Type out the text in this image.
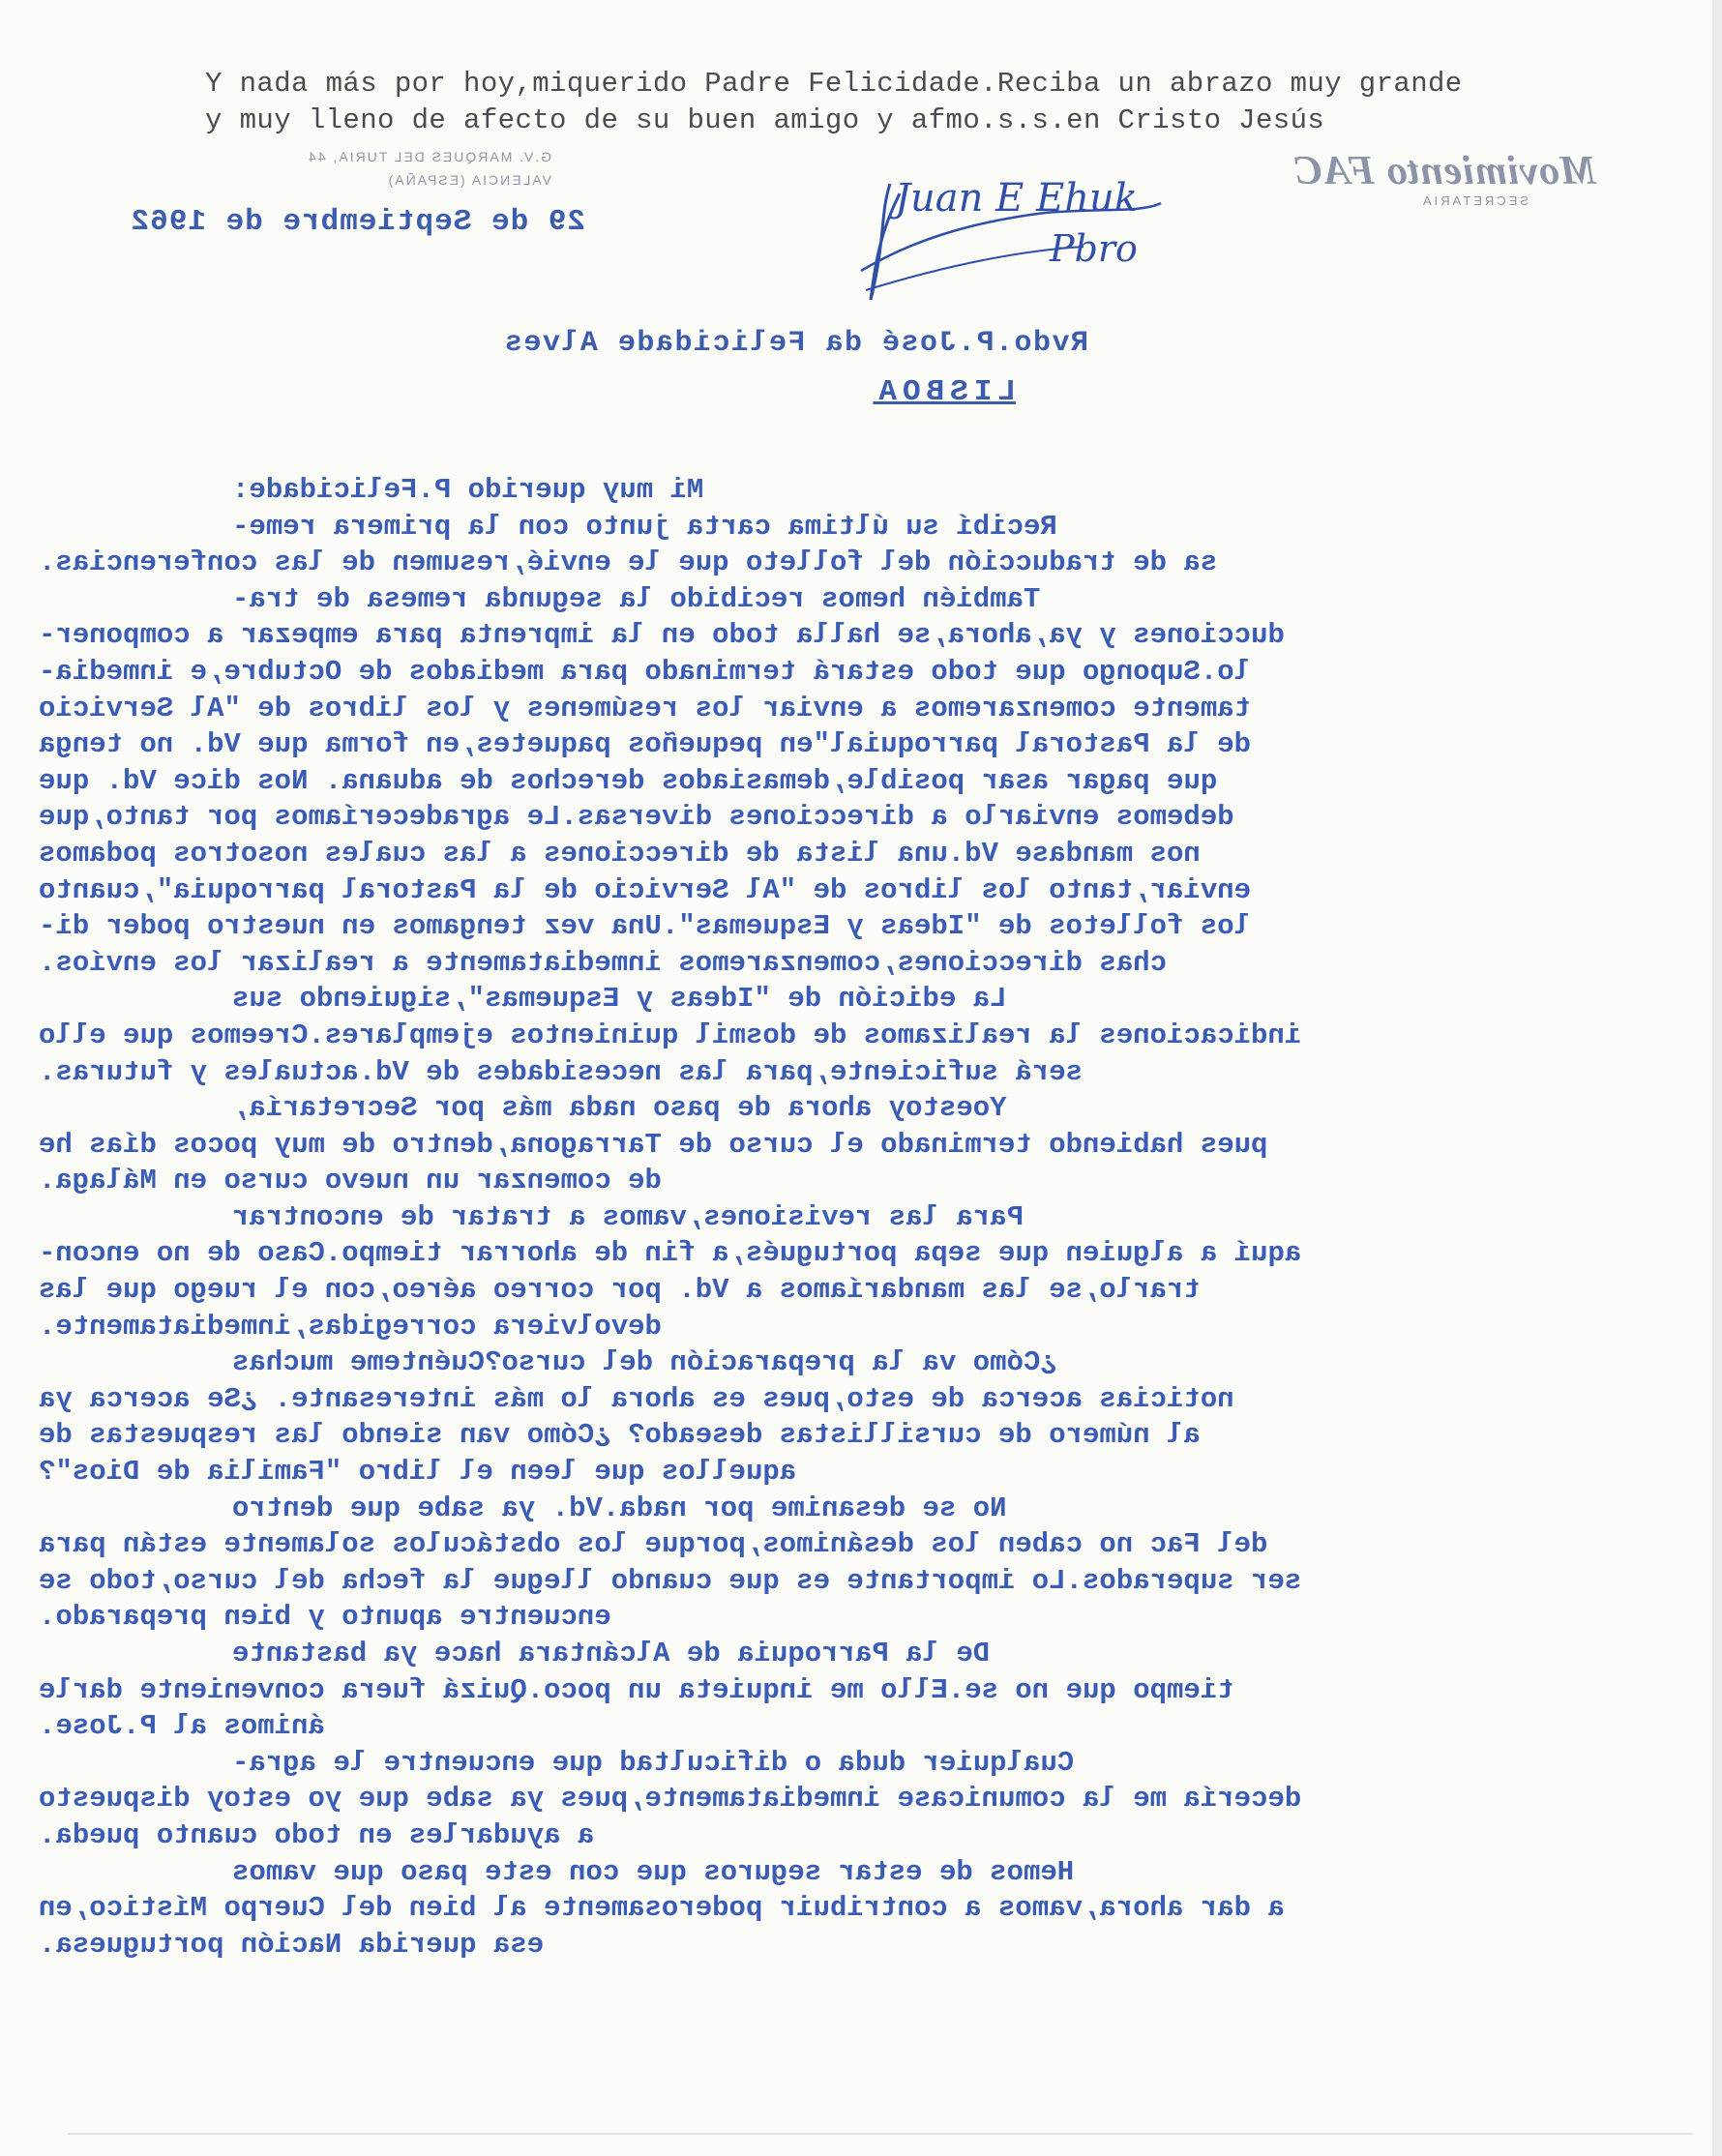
Y nada más por hoy,miquerido Padre Felicidade.Reciba un abrazo muy grande
y muy lleno de afecto de su buen amigo y afmo.s.s.en Cristo Jesús
G.V. MARQUES DEL TURIA, 44
VALENCIA (ESPAÑA)	Movimiento FAC
SECRETARIA
Juan E Ehuk
Pbro
29 de Septiembre de 1962
Rvdo.P.José da Felicidade Alves
LISBOA
Mi muy querido P.Felicidade:
Recibí su última carta junto con la primera reme-
sa de traducción del folleto que le envié,resumen de las conferencias.
También hemos recibido la segunda remesa de tra-
ducciones y ya,ahora,se halla todo en la imprenta para empezar a componer-
lo.Supongo que todo estará terminado para mediados de Octubre,e inmedia-
tamente comenzaremos a enviar los resúmenes y los libros de "Al Servicio
de la Pastoral parroquial"en pequeños paquetes,en forma que Vd. no tenga
que pagar asar posible,demasiados derechos de aduana. Nos dice Vd. que
debemos enviarlo a direcciones diversas.Le agradeceríamos por tanto,que
nos mandase Vd.una lista de direcciones a las cuales nosotros podamos
enviar,tanto los libros de "Al Servicio de la Pastoral parroquia",cuanto
los folletos de "Ideas y Esquemas".Una vez tengamos en nuestro poder di-
chas direcciones,comenzaremos inmediatamente a realizar los envíos.
La edición de "Ideas y Esquemas",siguiendo sus
indicaciones la realizamos de dosmil quinientos ejemplares.Creemos que ello
será suficiente,para las necesidades de Vd.actuales y futuras.
Yoestoy ahora de paso nada más por Secretaría,
pues habiendo terminado el curso de Tarragona,dentro de muy pocos días he
de comenzar un nuevo curso en Málaga.
Para las revisiones,vamos a tratar de encontrar
aquí a alguien que sepa portugués,a fin de ahorrar tiempo.Caso de no encon-
trarlo,se las mandaríamos a Vd. por correo aéreo,con el ruego que las
devolviera corregidas,inmediatamente.
¿Cómo va la preparación del curso?Cuénteme muchas
noticias acerca de esto,pues es ahora lo más interesante. ¿Se acerca ya
al número de cursillistas deseado? ¿Cómo van siendo las respuestas de
aquellos que leen el libro "Familia de Dios"?
No se desanime por nada.Vd. ya sabe que dentro
del Fac no caben los desánimos,porque los obstáculos solamente están para
ser superados.Lo importante es que cuando llegue la fecha del curso,todo se
encuentre apunto y bien preparado.
De la Parroquia de Alcántara hace ya bastante
tiempo que no se.Ello me inquieta un poco.Quizá fuera conveniente darle
ánimos al P.Jose.
Cualquier duda o dificultad que encuentre le agra-
decería me la comunicase inmediatamente,pues ya sabe que yo estoy dispuesto
a ayudarles en todo cuanto pueda.
Hemos de estar seguros que con este paso que vamos
a dar ahora,vamos a contribuir poderosamente al bien del Cuerpo Místico,en
esa querida Nación portuguesa.
